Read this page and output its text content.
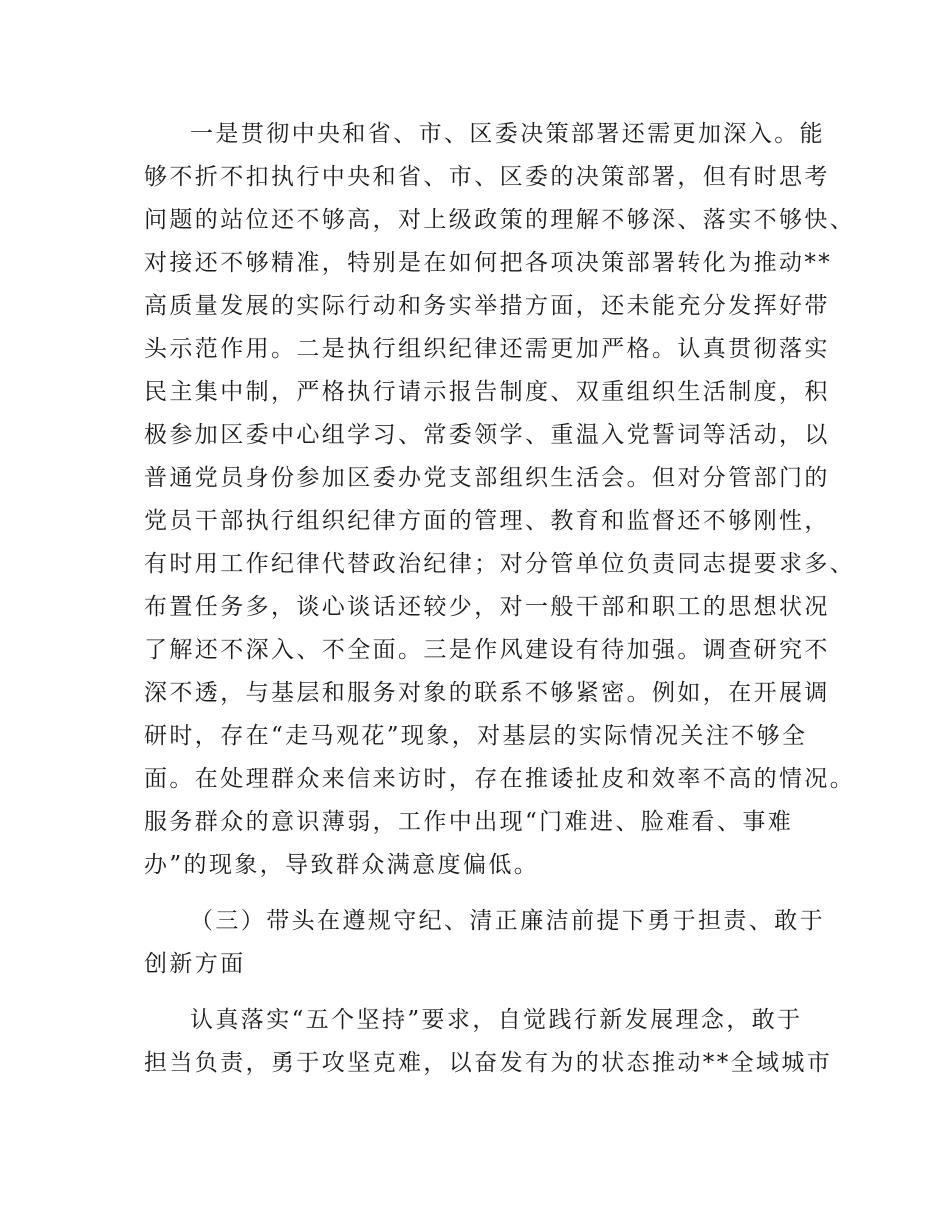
一是贯彻中央和省、市、区委决策部署还需更加深入。能
够不折不扣执行中央和省、市、区委的决策部署，但有时思考
问题的站位还不够高，对上级政策的理解不够深、落实不够快、
对接还不够精准，特别是在如何把各项决策部署转化为推动**
高质量发展的实际行动和务实举措方面，还未能充分发挥好带
头示范作用。二是执行组织纪律还需更加严格。认真贯彻落实
民主集中制，严格执行请示报告制度、双重组织生活制度，积
极参加区委中心组学习、常委领学、重温入党誓词等活动，以
普通党员身份参加区委办党支部组织生活会。但对分管部门的
党员干部执行组织纪律方面的管理、教育和监督还不够刚性，
有时用工作纪律代替政治纪律；对分管单位负责同志提要求多、
布置任务多，谈心谈话还较少，对一般干部和职工的思想状况
了解还不深入、不全面。三是作风建设有待加强。调查研究不
深不透，与基层和服务对象的联系不够紧密。例如，在开展调
研时，存在“走马观花”现象，对基层的实际情况关注不够全
面。在处理群众来信来访时，存在推诿扯皮和效率不高的情况。
服务群众的意识薄弱，工作中出现“门难进、脸难看、事难
办”的现象，导致群众满意度偏低。
（三）带头在遵规守纪、清正廉洁前提下勇于担责、敢于
创新方面
认真落实“五个坚持”要求，自觉践行新发展理念，敢于
担当负责，勇于攻坚克难，以奋发有为的状态推动**全域城市
